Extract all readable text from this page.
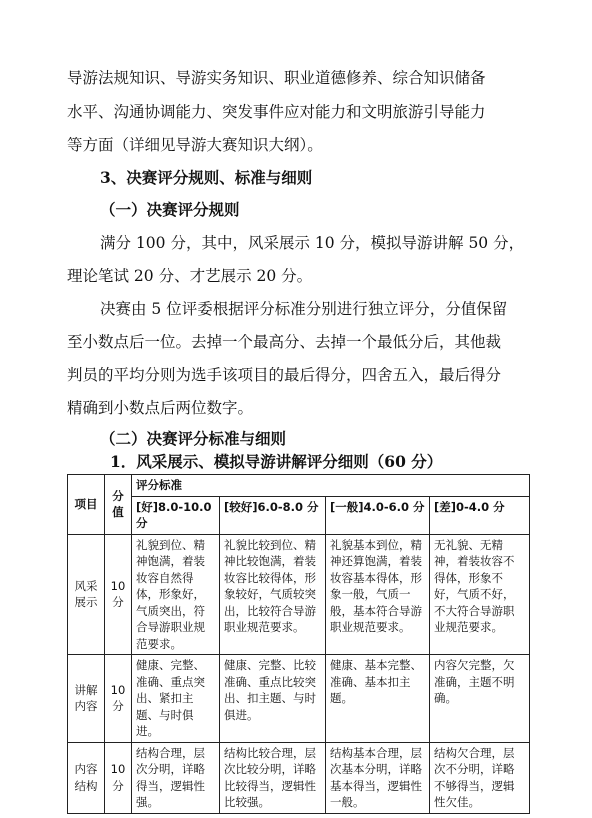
导游法规知识、导游实务知识、职业道德修养、综合知识储备
水平、沟通协调能力、突发事件应对能力和文明旅游引导能力
等方面（详细见导游大赛知识大纲）。
3、决赛评分规则、标准与细则
（一）决赛评分规则
满分 100 分，其中，风采展示 10 分，模拟导游讲解 50 分，
理论笔试 20 分、才艺展示 20 分。
决赛由 5 位评委根据评分标准分别进行独立评分，分值保留
至小数点后一位。去掉一个最高分、去掉一个最低分后，其他裁
判员的平均分则为选手该项目的最后得分，四舍五入，最后得分
精确到小数点后两位数字。
（二）决赛评分标准与细则
1．风采展示、模拟导游讲解评分细则（60 分）
项目	分值	评分标准			
		[好]8.0-10.0 分	[较好]6.0-8.0 分	[一般]4.0-6.0 分	[差]0-4.0 分
风采展示	10 分	礼貌到位、精神饱满，着装妆容自然得体，形象好，气质突出，符合导游职业规范要求。	礼貌比较到位、精神比较饱满，着装妆容比较得体，形象较好，气质较突出，比较符合导游职业规范要求。	礼貌基本到位，精神还算饱满，着装妆容基本得体，形象一般，气质一般，基本符合导游职业规范要求。	无礼貌、无精神，着装妆容不得体，形象不好，气质不好，不大符合导游职业规范要求。
讲解内容	10 分	健康、完整、准确、重点突出、紧扣主题、与时俱进。	健康、完整、比较准确、重点比较突出、扣主题、与时俱进。	健康、基本完整、准确、基本扣主题。	内容欠完整，欠准确，主题不明确。
内容结构	10 分	结构合理，层次分明，详略得当，逻辑性强。	结构比较合理，层次比较分明，详略比较得当，逻辑性比较强。	结构基本合理，层次基本分明，详略基本得当，逻辑性一般。	结构欠合理，层次不分明，详略不够得当，逻辑性欠佳。
